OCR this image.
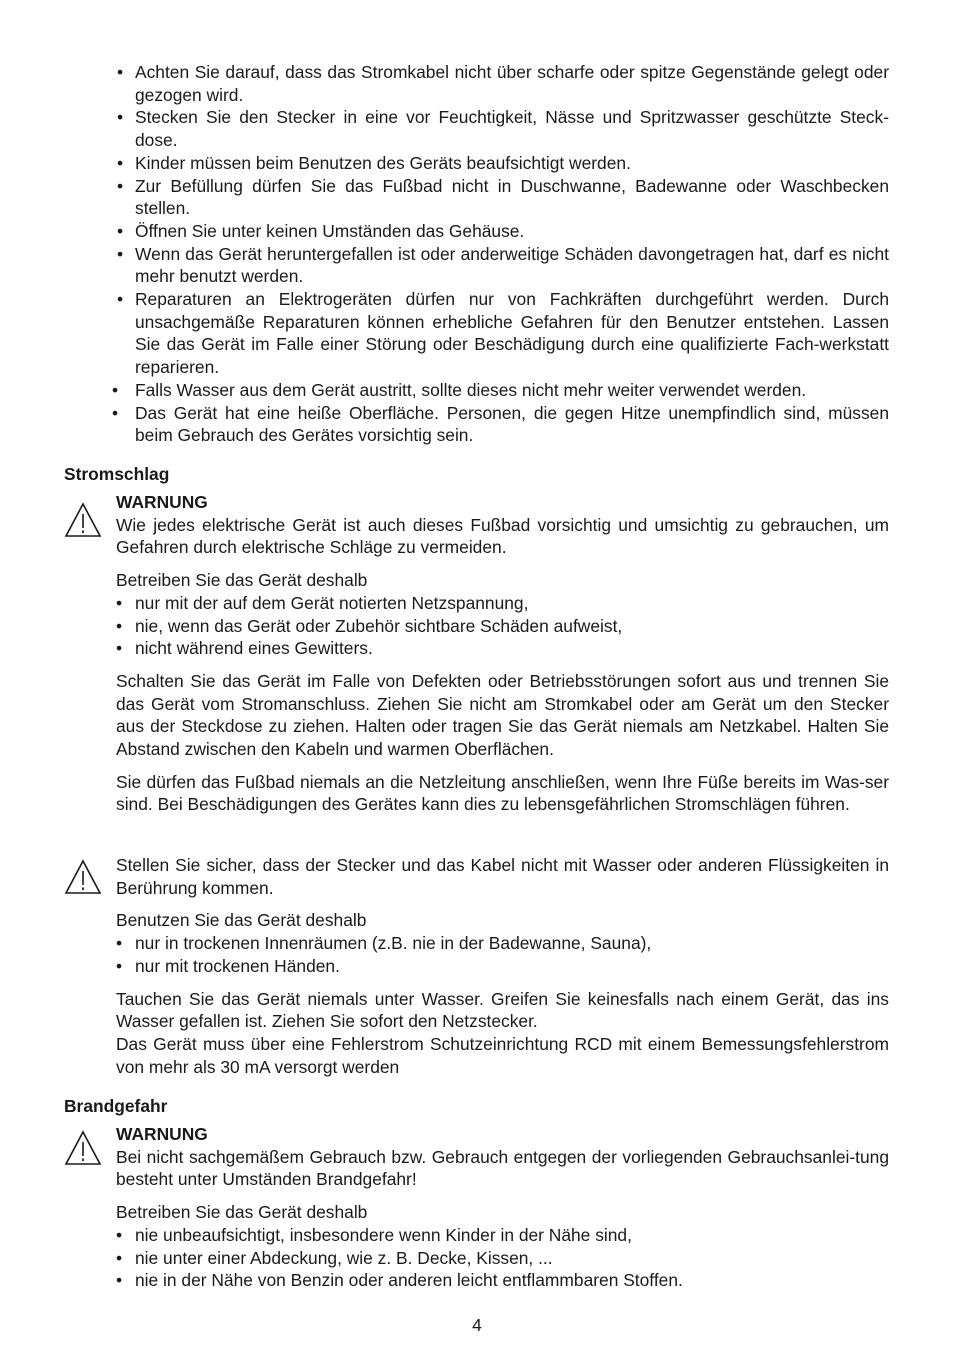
• Achten Sie darauf, dass das Stromkabel nicht über scharfe oder spitze Gegenstände gelegt oder gezogen wird.
• Stecken Sie den Stecker in eine vor Feuchtigkeit, Nässe und Spritzwasser geschützte Steck-dose.
• Kinder müssen beim Benutzen des Geräts beaufsichtigt werden.
• Zur Befüllung dürfen Sie das Fußbad nicht in Duschwanne, Badewanne oder Waschbecken stellen.
• Öffnen Sie unter keinen Umständen das Gehäuse.
• Wenn das Gerät heruntergefallen ist oder anderweitige Schäden davongetragen hat, darf es nicht mehr benutzt werden.
• Reparaturen an Elektrogeräten dürfen nur von Fachkräften durchgeführt werden. Durch unsachgemäße Reparaturen können erhebliche Gefahren für den Benutzer entstehen. Lassen Sie das Gerät im Falle einer Störung oder Beschädigung durch eine qualifizierte Fach-werkstatt reparieren.
• Falls Wasser aus dem Gerät austritt, sollte dieses nicht mehr weiter verwendet werden.
• Das Gerät hat eine heiße Oberfläche. Personen, die gegen Hitze unempfindlich sind, müssen beim Gebrauch des Gerätes vorsichtig sein.
Stromschlag

WARNUNG

Wie jedes elektrische Gerät ist auch dieses Fußbad vorsichtig und umsichtig zu gebrauchen, um Gefahren durch elektrische Schläge zu vermeiden.

Betreiben Sie das Gerät deshalb

• nur mit der auf dem Gerät notierten Netzspannung,
• nie, wenn das Gerät oder Zubehör sichtbare Schäden aufweist,
• nicht während eines Gewitters.

Schalten Sie das Gerät im Falle von Defekten oder Betriebsstörungen sofort aus und trennen Sie das Gerät vom Stromanschluss. Ziehen Sie nicht am Stromkabel oder am Gerät um den Stecker aus der Steckdose zu ziehen. Halten oder tragen Sie das Gerät niemals am Netzkabel. Halten Sie Abstand zwischen den Kabeln und warmen Oberflächen.

Sie dürfen das Fußbad niemals an die Netzleitung anschließen, wenn Ihre Füße bereits im Was-ser sind. Bei Beschädigungen des Gerätes kann dies zu lebensgefährlichen Stromschlägen führen.

Stellen Sie sicher, dass der Stecker und das Kabel nicht mit Wasser oder anderen Flüssigkeiten in Berührung kommen.

Benutzen Sie das Gerät deshalb

• nur in trockenen Innenräumen (z.B. nie in der Badewanne, Sauna),
• nur mit trockenen Händen.

Tauchen Sie das Gerät niemals unter Wasser. Greifen Sie keinesfalls nach einem Gerät, das ins Wasser gefallen ist. Ziehen Sie sofort den Netzstecker.

Das Gerät muss über eine Fehlerstrom Schutzeinrichtung RCD mit einem Bemessungsfehlerstrom von mehr als 30 mA versorgt werden

Brandgefahr

WARNUNG

Bei nicht sachgemäßem Gebrauch bzw. Gebrauch entgegen der vorliegenden Gebrauchsanlei-tung besteht unter Umständen Brandgefahr!

Betreiben Sie das Gerät deshalb

• nie unbeaufsichtigt, insbesondere wenn Kinder in der Nähe sind,
• nie unter einer Abdeckung, wie z. B. Decke, Kissen, ...
• nie in der Nähe von Benzin oder anderen leicht entflammbaren Stoffen.
4
